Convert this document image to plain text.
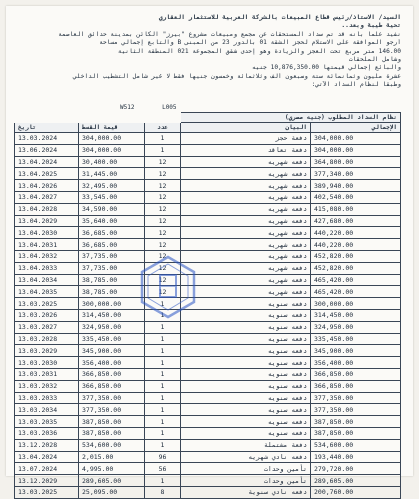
السيد/ الاستاذ/رئيس قطاع المبيعات بالشركة العربية للاستثمار العقاري

تحية طيبة وبعد..

نفيد علما بأنه قد تم سداد المستحقات عن مجمع ومبيعات مشروع "بيرز" الكائن بمدينة حدائق العاصمة

أرجو الموافقة على الاستلام لحجز الشقة 01 بالدور 23 من المبنى B والتابع إجمالي مساحة

146.00 متر مربع تحت العجز والزيادة وهو إحدى شقق المجموعة 021 المنطقة الثانية

وشامل الملحقات

والبائع إجمالي قيمتها 10,876,350.00 جنيه

عشرة مليون وثمانمائة ستة وسبعون ألف وثلاثمائة وخمسون جنيها فقط لا غير شامل التشطيب الداخلي

وطبقا لنظام السداد الآتي:

W512	L005
			نظام السداد المطلوب (جنيه مصري)	
تاريخ	قيمة القسط	عدد	البيان	الإجمالي
13.03.2024	304,000.00	1	دفعة حجز	304,000.00
13.06.2024	304,000.00	1	دفعة تعاقد	304,000.00
13.04.2024	30,400.00	12	دفعه شهريه	364,800.00
13.04.2025	31,445.00	12	دفعه شهريه	377,340.00
13.04.2026	32,495.00	12	دفعه شهريه	389,940.00
13.04.2027	33,545.00	12	دفعه شهريه	402,540.00
13.04.2028	34,590.00	12	دفعه شهريه	415,080.00
13.04.2029	35,640.00	12	دفعه شهريه	427,680.00
13.04.2030	36,685.00	12	دفعه شهريه	440,220.00
13.04.2031	36,685.00	12	دفعه شهريه	440,220.00
13.04.2032	37,735.00	12	دفعه شهريه	452,820.00
13.04.2033	37,735.00	12	دفعه شهريه	452,820.00
13.04.2034	38,785.00	12	دفعه شهريه	465,420.00
13.04.2035	38,785.00	12	دفعه شهريه	465,420.00
13.03.2025	300,000.00	1	دفعه سنويه	300,000.00
13.03.2026	314,450.00	1	دفعه سنويه	314,450.00
13.03.2027	324,950.00	1	دفعه سنويه	324,950.00
13.03.2028	335,450.00	1	دفعه سنويه	335,450.00
13.03.2029	345,900.00	1	دفعه سنويه	345,900.00
13.03.2030	356,400.00	1	دفعه سنويه	356,400.00
13.03.2031	366,850.00	1	دفعه سنويه	366,850.00
13.03.2032	366,850.00	1	دفعه سنويه	366,850.00
13.03.2033	377,350.00	1	دفعه سنويه	377,350.00
13.03.2034	377,350.00	1	دفعه سنويه	377,350.00
13.03.2035	387,850.00	1	دفعه سنويه	387,850.00
13.03.2036	387,850.00	1	دفعه سنويه	387,850.00
13.12.2028	534,600.00	1	دفعة مشتملة	534,600.00
13.04.2024	2,015.00	96	دفعه نادي شهريه	193,440.00
13.07.2024	4,995.00	56	تأمين وحدات	279,720.00
13.12.2029	289,605.00	1	تأمين وحدات	289,605.00
13.03.2025	25,095.00	8	دفعه نادي سنوية	200,760.00
